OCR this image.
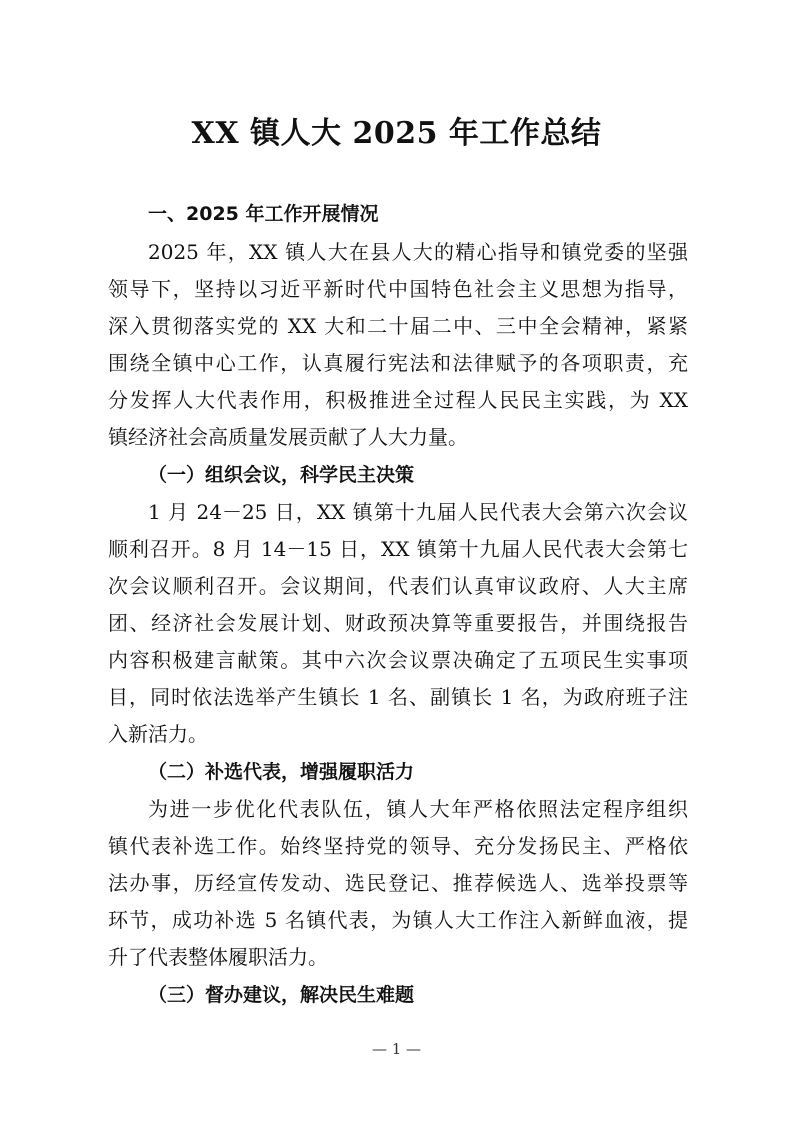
XX 镇人大 2025 年工作总结
一、2025 年工作开展情况
2025 年，XX 镇人大在县人大的精心指导和镇党委的坚强
领导下，坚持以习近平新时代中国特色社会主义思想为指导，
深入贯彻落实党的 XX 大和二十届二中、三中全会精神，紧紧
围绕全镇中心工作，认真履行宪法和法律赋予的各项职责，充
分发挥人大代表作用，积极推进全过程人民民主实践，为 XX
镇经济社会高质量发展贡献了人大力量。
（一）组织会议，科学民主决策
1 月 24－25 日，XX 镇第十九届人民代表大会第六次会议
顺利召开。8 月 14－15 日，XX 镇第十九届人民代表大会第七
次会议顺利召开。会议期间，代表们认真审议政府、人大主席
团、经济社会发展计划、财政预决算等重要报告，并围绕报告
内容积极建言献策。其中六次会议票决确定了五项民生实事项
目，同时依法选举产生镇长 1 名、副镇长 1 名，为政府班子注
入新活力。
（二）补选代表，增强履职活力
为进一步优化代表队伍，镇人大年严格依照法定程序组织
镇代表补选工作。始终坚持党的领导、充分发扬民主、严格依
法办事，历经宣传发动、选民登记、推荐候选人、选举投票等
环节，成功补选 5 名镇代表，为镇人大工作注入新鲜血液，提
升了代表整体履职活力。
（三）督办建议，解决民生难题
— 1 —
